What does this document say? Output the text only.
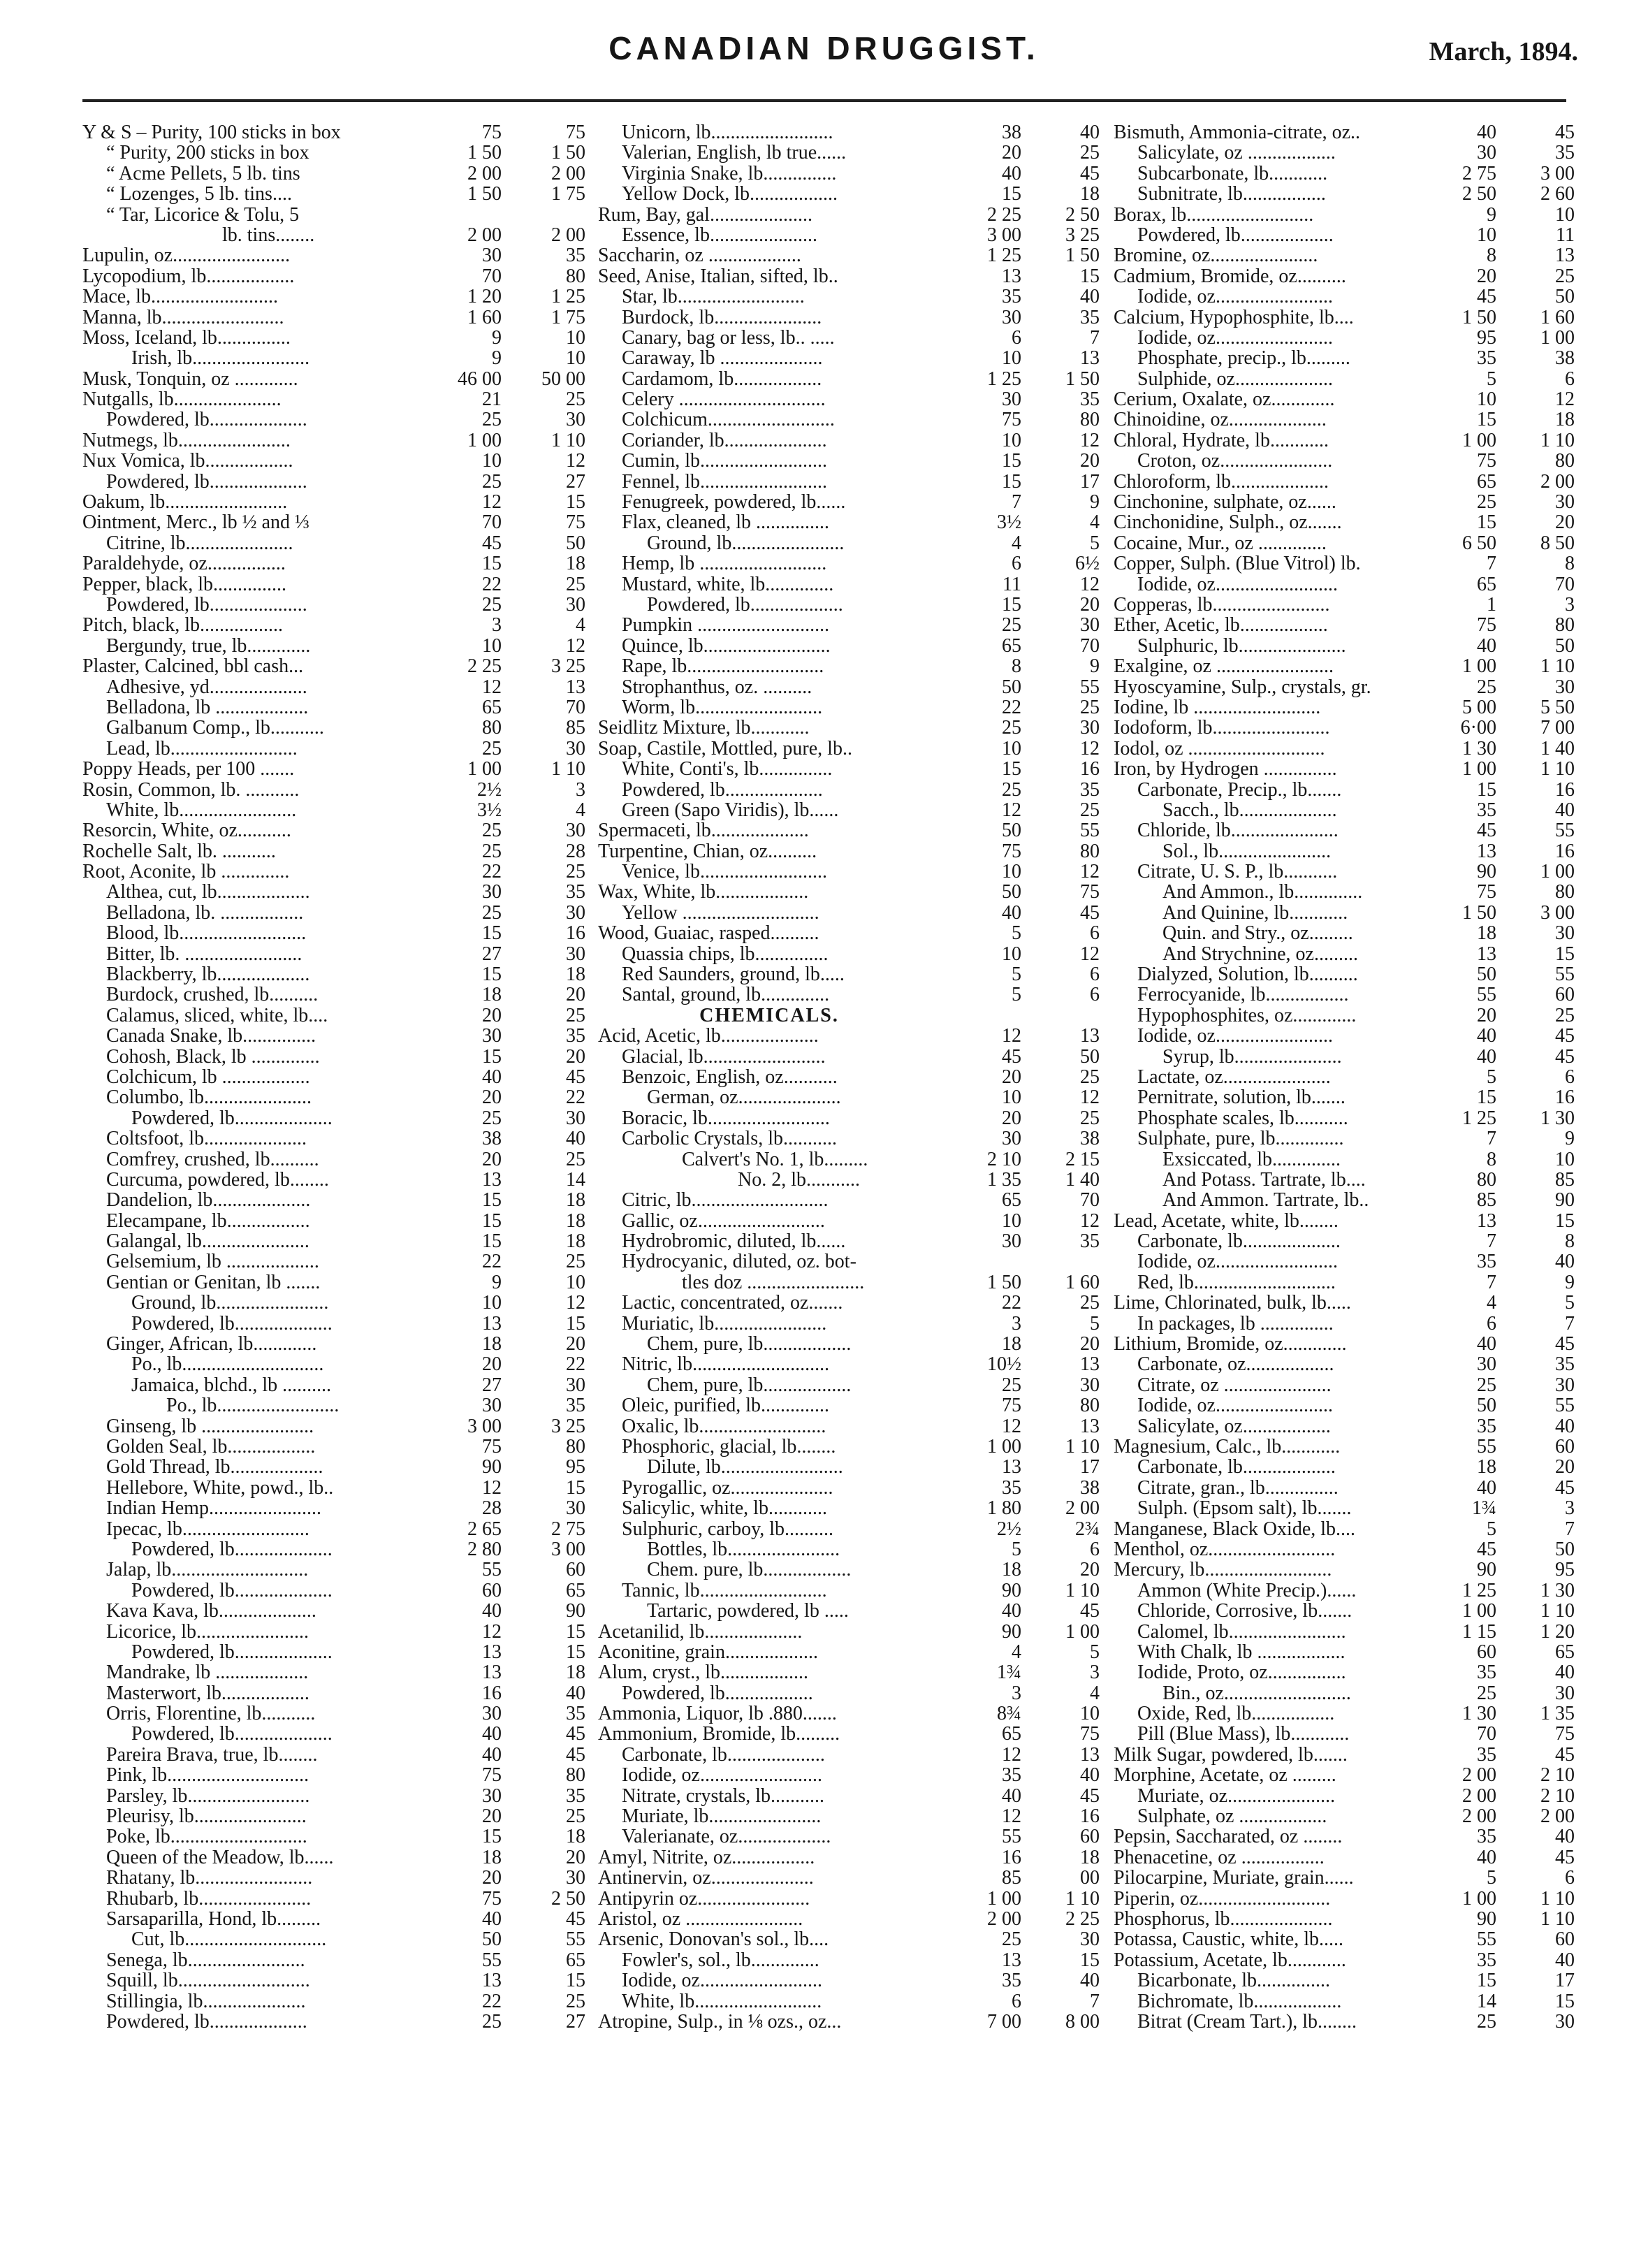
CANADIAN DRUGGIST.	March, 1894.
Y & S – Purity, 100 sticks in box	75	75
“ Purity, 200 sticks in box	1 50	1 50
“ Acme Pellets, 5 lb. tins	2 00	2 00
“ Lozenges, 5 lb. tins....	1 50	1 75
“ Tar, Licorice & Tolu, 5
lb. tins........	2 00	2 00
Lupulin, oz........................	30	35
Lycopodium, lb..................	70	80
Mace, lb..........................	1 20	1 25
Manna, lb.........................	1 60	1 75
Moss, Iceland, lb...............	9	10
Irish, lb........................	9	10
Musk, Tonquin, oz .............	46 00	50 00
Nutgalls, lb......................	21	25
Powdered, lb....................	25	30
Nutmegs, lb.......................	1 00	1 10
Nux Vomica, lb..................	10	12
Powdered, lb....................	25	27
Oakum, lb.........................	12	15
Ointment, Merc., lb ½ and ⅓	70	75
Citrine, lb......................	45	50
Paraldehyde, oz................	15	18
Pepper, black, lb...............	22	25
Powdered, lb....................	25	30
Pitch, black, lb.................	3	4
Bergundy, true, lb.............	10	12
Plaster, Calcined, bbl cash...	2 25	3 25
Adhesive, yd....................	12	13
Belladona, lb ...................	65	70
Galbanum Comp., lb...........	80	85
Lead, lb..........................	25	30
Poppy Heads, per 100 .......	1 00	1 10
Rosin, Common, lb. ...........	2½	3
White, lb........................	3½	4
Resorcin, White, oz...........	25	30
Rochelle Salt, lb. ...........	25	28
Root, Aconite, lb ..............	22	25
Althea, cut, lb...................	30	35
Belladona, lb. .................	25	30
Blood, lb..........................	15	16
Bitter, lb. ........................	27	30
Blackberry, lb...................	15	18
Burdock, crushed, lb..........	18	20
Calamus, sliced, white, lb....	20	25
Canada Snake, lb...............	30	35
Cohosh, Black, lb ..............	15	20
Colchicum, lb ..................	40	45
Columbo, lb......................	20	22
Powdered, lb....................	25	30
Coltsfoot, lb.....................	38	40
Comfrey, crushed, lb..........	20	25
Curcuma, powdered, lb........	13	14
Dandelion, lb....................	15	18
Elecampane, lb.................	15	18
Galangal, lb......................	15	18
Gelsemium, lb ...................	22	25
Gentian or Genitan, lb .......	9	10
Ground, lb.......................	10	12
Powdered, lb....................	13	15
Ginger, African, lb.............	18	20
Po., lb.............................	20	22
Jamaica, blchd., lb ..........	27	30
Po., lb.........................	30	35
Ginseng, lb .......................	3 00	3 25
Golden Seal, lb..................	75	80
Gold Thread, lb...................	90	95
Hellebore, White, powd., lb..	12	15
Indian Hemp.......................	28	30
Ipecac, lb..........................	2 65	2 75
Powdered, lb....................	2 80	3 00
Jalap, lb............................	55	60
Powdered, lb....................	60	65
Kava Kava, lb....................	40	90
Licorice, lb.......................	12	15
Powdered, lb....................	13	15
Mandrake, lb ...................	13	18
Masterwort, lb..................	16	40
Orris, Florentine, lb...........	30	35
Powdered, lb....................	40	45
Pareira Brava, true, lb........	40	45
Pink, lb.............................	75	80
Parsley, lb.........................	30	35
Pleurisy, lb.......................	20	25
Poke, lb............................	15	18
Queen of the Meadow, lb......	18	20
Rhatany, lb........................	20	30
Rhubarb, lb.......................	75	2 50
Sarsaparilla, Hond, lb.........	40	45
Cut, lb.............................	50	55
Senega, lb........................	55	65
Squill, lb...........................	13	15
Stillingia, lb.....................	22	25
Powdered, lb....................	25	27
Unicorn, lb.........................	38	40
Valerian, English, lb true......	20	25
Virginia Snake, lb...............	40	45
Yellow Dock, lb..................	15	18
Rum, Bay, gal.....................	2 25	2 50
Essence, lb......................	3 00	3 25
Saccharin, oz ...................	1 25	1 50
Seed, Anise, Italian, sifted, lb..	13	15
Star, lb..........................	35	40
Burdock, lb......................	30	35
Canary, bag or less, lb.. .....	6	7
Caraway, lb .....................	10	13
Cardamom, lb..................	1 25	1 50
Celery ..............................	30	35
Colchicum..........................	75	80
Coriander, lb.....................	10	12
Cumin, lb..........................	15	20
Fennel, lb..........................	15	17
Fenugreek, powdered, lb......	7	9
Flax, cleaned, lb ...............	3½	4
Ground, lb.......................	4	5
Hemp, lb ..........................	6	6½
Mustard, white, lb..............	11	12
Powdered, lb...................	15	20
Pumpkin ...........................	25	30
Quince, lb..........................	65	70
Rape, lb............................	8	9
Strophanthus, oz. ..........	50	55
Worm, lb..........................	22	25
Seidlitz Mixture, lb............	25	30
Soap, Castile, Mottled, pure, lb..	10	12
White, Conti's, lb...............	15	16
Powdered, lb....................	25	35
Green (Sapo Viridis), lb......	12	25
Spermaceti, lb....................	50	55
Turpentine, Chian, oz..........	75	80
Venice, lb..........................	10	12
Wax, White, lb...................	50	75
Yellow ............................	40	45
Wood, Guaiac, rasped..........	5	6
Quassia chips, lb...............	10	12
Red Saunders, ground, lb.....	5	6
Santal, ground, lb..............	5	6
CHEMICALS.
Acid, Acetic, lb....................	12	13
Glacial, lb.........................	45	50
Benzoic, English, oz...........	20	25
German, oz.....................	10	12
Boracic, lb.........................	20	25
Carbolic Crystals, lb...........	30	38
Calvert's No. 1, lb.........	2 10	2 15
No. 2, lb...........	1 35	1 40
Citric, lb............................	65	70
Gallic, oz..........................	10	12
Hydrobromic, diluted, lb......	30	35
Hydrocyanic, diluted, oz. bot-
tles doz ........................	1 50	1 60
Lactic, concentrated, oz.......	22	25
Muriatic, lb.......................	3	5
Chem, pure, lb..................	18	20
Nitric, lb............................	10½	13
Chem, pure, lb..................	25	30
Oleic, purified, lb..............	75	80
Oxalic, lb..........................	12	13
Phosphoric, glacial, lb........	1 00	1 10
Dilute, lb.........................	13	17
Pyrogallic, oz.....................	35	38
Salicylic, white, lb............	1 80	2 00
Sulphuric, carboy, lb..........	2½	2¾
Bottles, lb.......................	5	6
Chem. pure, lb..................	18	20
Tannic, lb..........................	90	1 10
Tartaric, powdered, lb .....	40	45
Acetanilid, lb....................	90	1 00
Aconitine, grain...................	4	5
Alum, cryst., lb..................	1¾	3
Powdered, lb..................	3	4
Ammonia, Liquor, lb .880.......	8¾	10
Ammonium, Bromide, lb.........	65	75
Carbonate, lb....................	12	13
Iodide, oz.........................	35	40
Nitrate, crystals, lb...........	40	45
Muriate, lb.......................	12	16
Valerianate, oz...................	55	60
Amyl, Nitrite, oz.................	16	18
Antinervin, oz.....................	85	00
Antipyrin oz.......................	1 00	1 10
Aristol, oz ........................	2 00	2 25
Arsenic, Donovan's sol., lb....	25	30
Fowler's, sol., lb..............	13	15
Iodide, oz.........................	35	40
White, lb..........................	6	7
Atropine, Sulp., in ⅛ ozs., oz...	7 00	8 00
Bismuth, Ammonia-citrate, oz..	40	45
Salicylate, oz ..................	30	35
Subcarbonate, lb............	2 75	3 00
Subnitrate, lb.................	2 50	2 60
Borax, lb..........................	9	10
Powdered, lb...................	10	11
Bromine, oz......................	8	13
Cadmium, Bromide, oz..........	20	25
Iodide, oz........................	45	50
Calcium, Hypophosphite, lb....	1 50	1 60
Iodide, oz........................	95	1 00
Phosphate, precip., lb.........	35	38
Sulphide, oz....................	5	6
Cerium, Oxalate, oz.............	10	12
Chinoidine, oz....................	15	18
Chloral, Hydrate, lb............	1 00	1 10
Croton, oz.......................	75	80
Chloroform, lb....................	65	2 00
Cinchonine, sulphate, oz......	25	30
Cinchonidine, Sulph., oz.......	15	20
Cocaine, Mur., oz ..............	6 50	8 50
Copper, Sulph. (Blue Vitrol) lb.	7	8
Iodide, oz.........................	65	70
Copperas, lb........................	1	3
Ether, Acetic, lb..................	75	80
Sulphuric, lb......................	40	50
Exalgine, oz ........................	1 00	1 10
Hyoscyamine, Sulp., crystals, gr.	25	30
Iodine, lb ..........................	5 00	5 50
Iodoform, lb........................	6·00	7 00
Iodol, oz ............................	1 30	1 40
Iron, by Hydrogen ...............	1 00	1 10
Carbonate, Precip., lb.......	15	16
Sacch., lb....................	35	40
Chloride, lb......................	45	55
Sol., lb.......................	13	16
Citrate, U. S. P., lb...........	90	1 00
And Ammon., lb..............	75	80
And Quinine, lb............	1 50	3 00
Quin. and Stry., oz.........	18	30
And Strychnine, oz.........	13	15
Dialyzed, Solution, lb..........	50	55
Ferrocyanide, lb.................	55	60
Hypophosphites, oz.............	20	25
Iodide, oz........................	40	45
Syrup, lb......................	40	45
Lactate, oz......................	5	6
Pernitrate, solution, lb.......	15	16
Phosphate scales, lb...........	1 25	1 30
Sulphate, pure, lb..............	7	9
Exsiccated, lb..............	8	10
And Potass. Tartrate, lb....	80	85
And Ammon. Tartrate, lb..	85	90
Lead, Acetate, white, lb........	13	15
Carbonate, lb....................	7	8
Iodide, oz.........................	35	40
Red, lb.............................	7	9
Lime, Chlorinated, bulk, lb.....	4	5
In packages, lb ...............	6	7
Lithium, Bromide, oz.............	40	45
Carbonate, oz..................	30	35
Citrate, oz ......................	25	30
Iodide, oz........................	50	55
Salicylate, oz..................	35	40
Magnesium, Calc., lb............	55	60
Carbonate, lb...................	18	20
Citrate, gran., lb...............	40	45
Sulph. (Epsom salt), lb.......	1¾	3
Manganese, Black Oxide, lb....	5	7
Menthol, oz..........................	45	50
Mercury, lb..........................	90	95
Ammon (White Precip.)......	1 25	1 30
Chloride, Corrosive, lb.......	1 00	1 10
Calomel, lb........................	1 15	1 20
With Chalk, lb ..................	60	65
Iodide, Proto, oz................	35	40
Bin., oz..........................	25	30
Oxide, Red, lb.................	1 30	1 35
Pill (Blue Mass), lb............	70	75
Milk Sugar, powdered, lb.......	35	45
Morphine, Acetate, oz .........	2 00	2 10
Muriate, oz......................	2 00	2 10
Sulphate, oz ..................	2 00	2 00
Pepsin, Saccharated, oz ........	35	40
Phenacetine, oz .................	40	45
Pilocarpine, Muriate, grain......	5	6
Piperin, oz...........................	1 00	1 10
Phosphorus, lb.....................	90	1 10
Potassa, Caustic, white, lb.....	55	60
Potassium, Acetate, lb............	35	40
Bicarbonate, lb...............	15	17
Bichromate, lb..................	14	15
Bitrat (Cream Tart.), lb........	25	30
